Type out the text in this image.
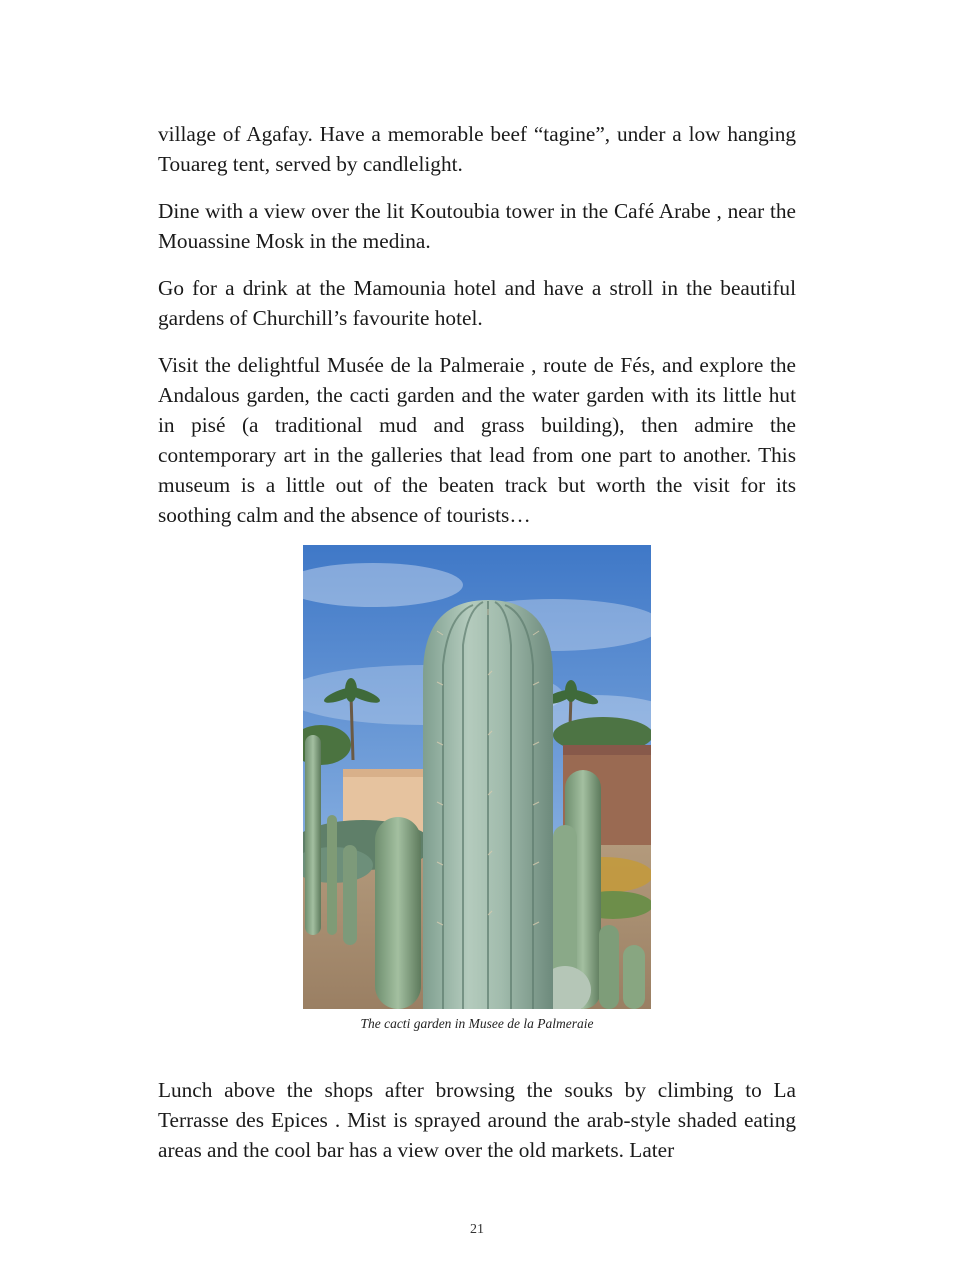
village of Agafay. Have a memorable beef “tagine”, under a low hanging Touareg tent, served by candlelight.

Dine with a view over the lit Koutoubia tower in the Café Arabe , near the Mouassine Mosk in the medina.

Go for a drink at the Mamounia hotel and have a stroll in the beautiful gardens of Churchill’s favourite hotel.

Visit the delightful Musée de la Palmeraie , route de Fés, and explore the Andalous garden, the cacti garden and the water garden with its little hut in pisé (a traditional mud and grass building), then admire the contemporary art in the galleries that lead from one part to another. This museum is a little out of the beaten track but worth the visit for its soothing calm and the absence of tourists…

The cacti garden in Musee de la Palmeraie

Lunch above the shops after browsing the souks by climbing to La Terrasse des Epices . Mist is sprayed around the arab-style shaded eating areas and the cool bar has a view over the old markets. Later

21
